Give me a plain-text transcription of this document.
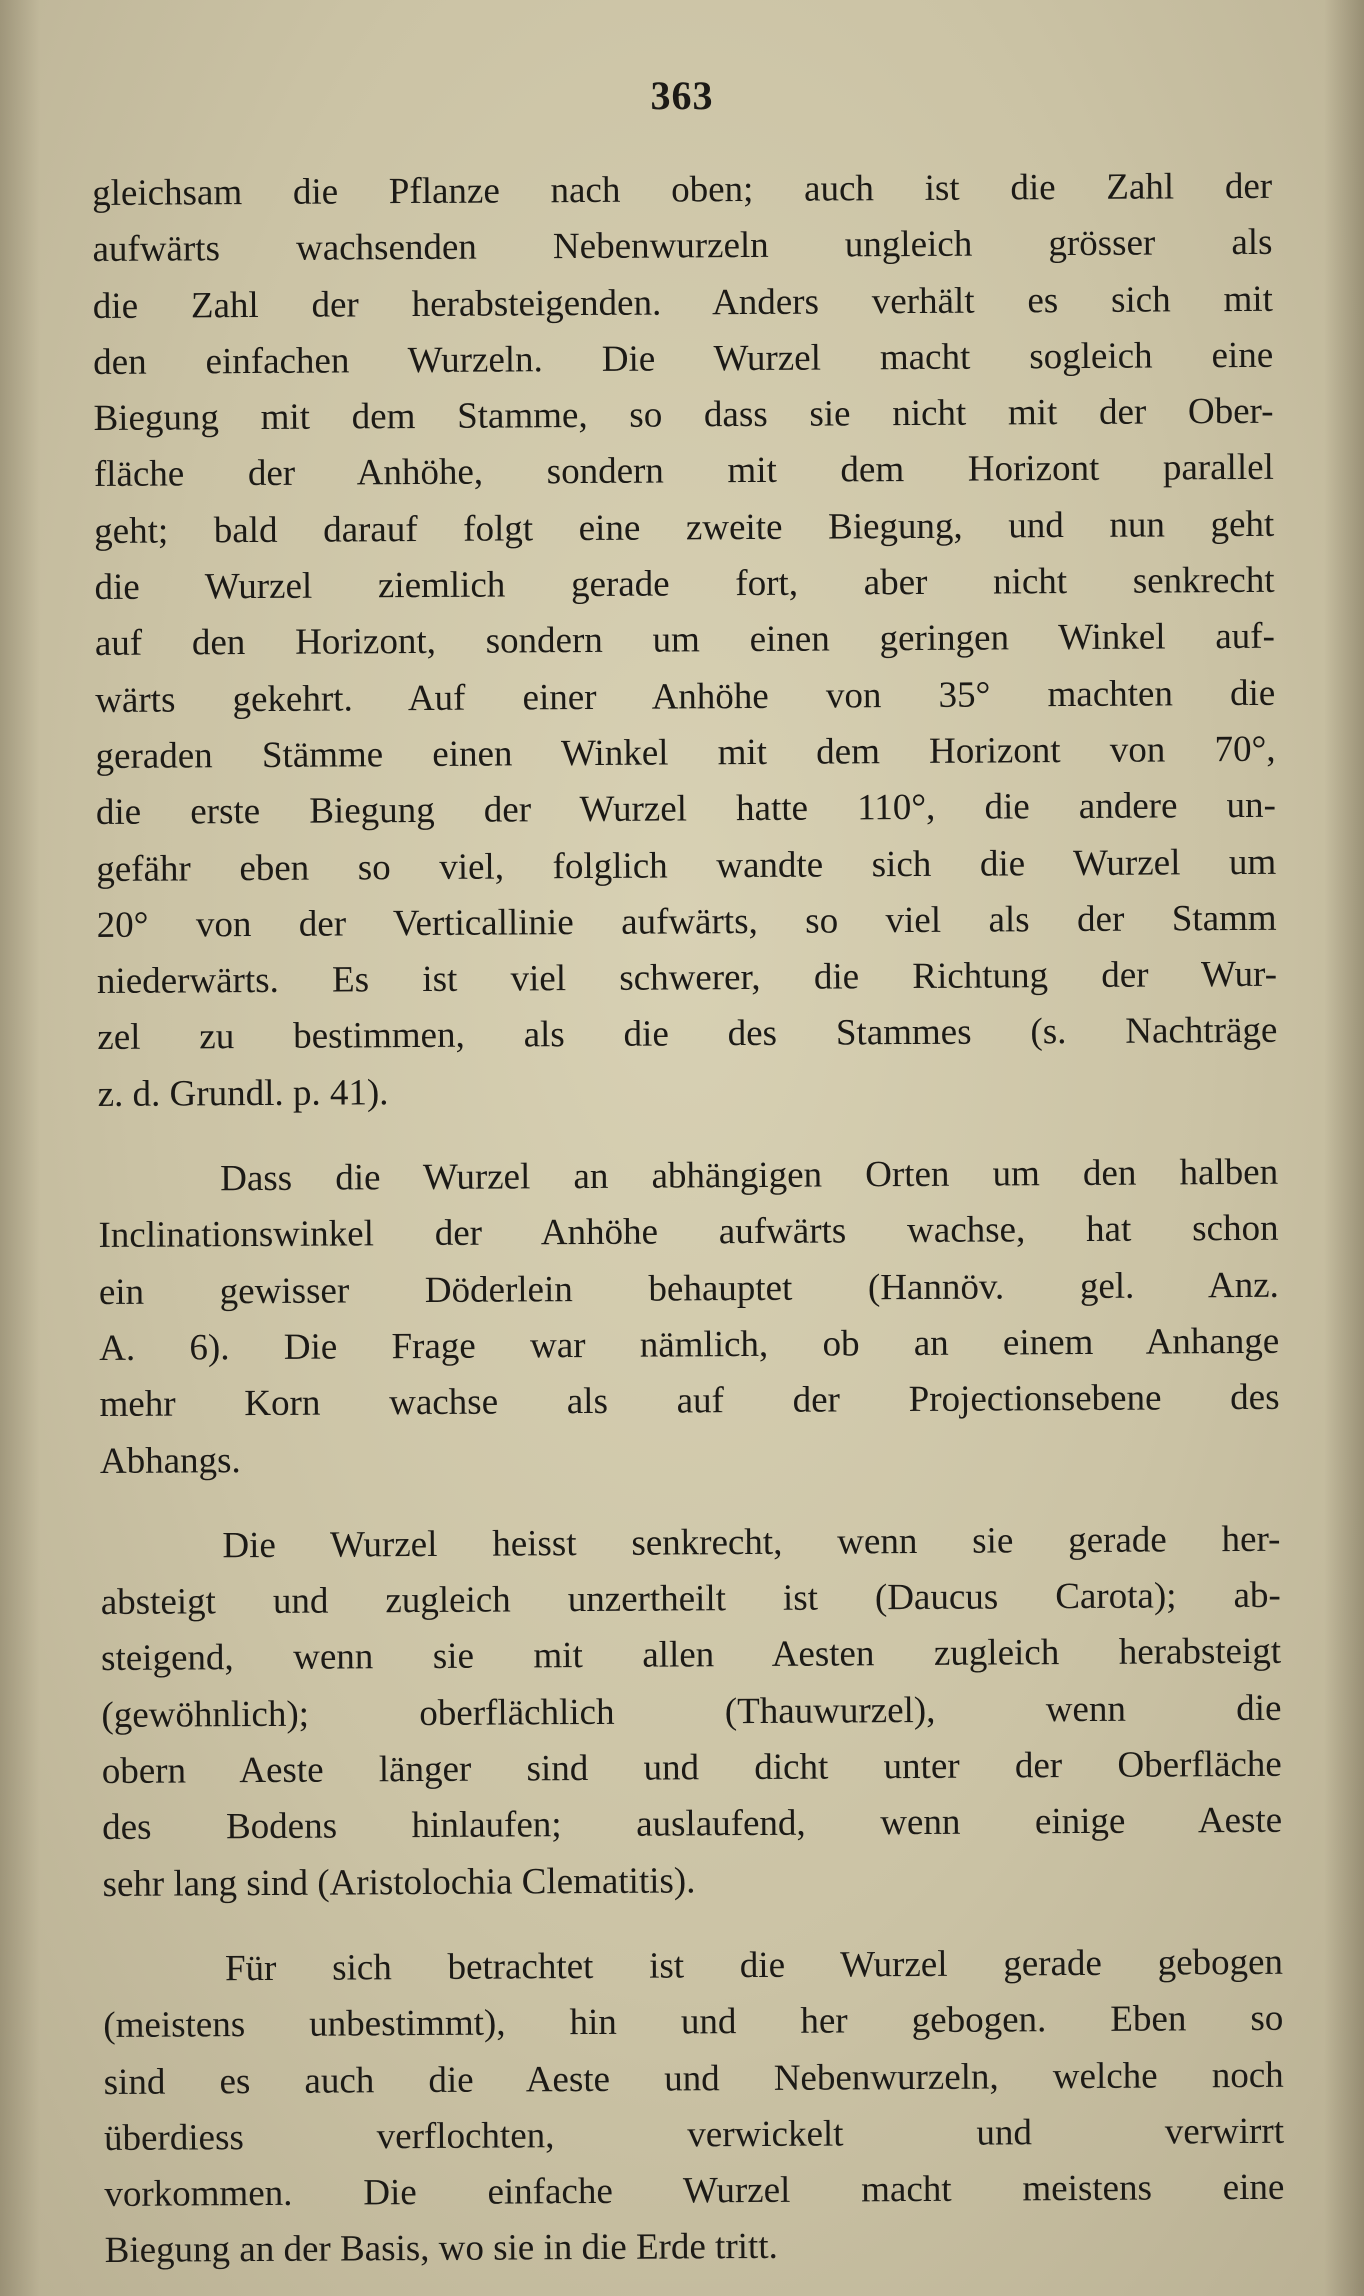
363
gleichsam die Pflanze nach oben; auch ist die Zahl der
aufwärts wachsenden Nebenwurzeln ungleich grösser als
die Zahl der herabsteigenden. Anders verhält es sich mit
den einfachen Wurzeln. Die Wurzel macht sogleich eine
Biegung mit dem Stamme, so dass sie nicht mit der Ober-
fläche der Anhöhe, sondern mit dem Horizont parallel
geht; bald darauf folgt eine zweite Biegung, und nun geht
die Wurzel ziemlich gerade fort, aber nicht senkrecht
auf den Horizont, sondern um einen geringen Winkel auf-
wärts gekehrt. Auf einer Anhöhe von 35° machten die
geraden Stämme einen Winkel mit dem Horizont von 70°,
die erste Biegung der Wurzel hatte 110°, die andere un-
gefähr eben so viel, folglich wandte sich die Wurzel um
20° von der Verticallinie aufwärts, so viel als der Stamm
niederwärts. Es ist viel schwerer, die Richtung der Wur-
zel zu bestimmen, als die des Stammes (s. Nachträge
z. d. Grundl. p. 41).
Dass die Wurzel an abhängigen Orten um den halben
Inclinationswinkel der Anhöhe aufwärts wachse, hat schon
ein gewisser Döderlein behauptet (Hannöv. gel. Anz.
A. 6). Die Frage war nämlich, ob an einem Anhange
mehr Korn wachse als auf der Projectionsebene des
Abhangs.
Die Wurzel heisst senkrecht, wenn sie gerade her-
absteigt und zugleich unzertheilt ist (Daucus Carota); ab-
steigend, wenn sie mit allen Aesten zugleich herabsteigt
(gewöhnlich); oberflächlich (Thauwurzel), wenn die
obern Aeste länger sind und dicht unter der Oberfläche
des Bodens hinlaufen; auslaufend, wenn einige Aeste
sehr lang sind (Aristolochia Clematitis).
Für sich betrachtet ist die Wurzel gerade gebogen
(meistens unbestimmt), hin und her gebogen. Eben so
sind es auch die Aeste und Nebenwurzeln, welche noch
überdiess verflochten, verwickelt und verwirrt
vorkommen. Die einfache Wurzel macht meistens eine
Biegung an der Basis, wo sie in die Erde tritt.
